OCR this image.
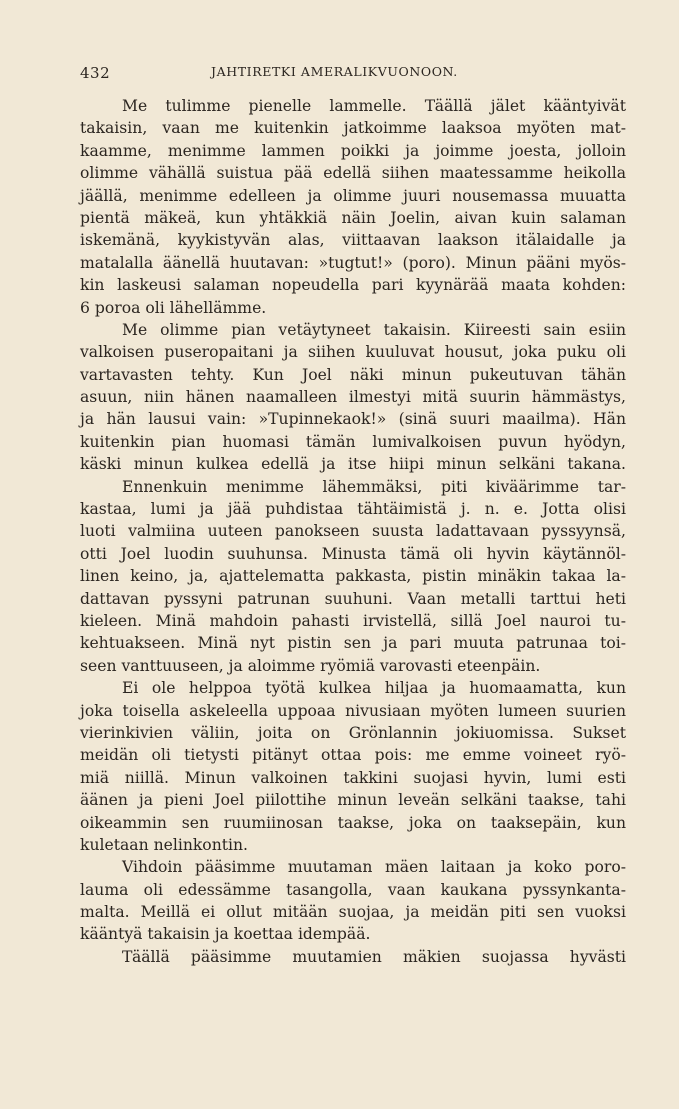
432	JAHTIRETKI AMERALIKVUONOON.
Me tulimme pienelle lammelle. Täällä jälet kääntyivät
takaisin, vaan me kuitenkin jatkoimme laaksoa myöten mat-
kaamme, menimme lammen poikki ja joimme joesta, jolloin
olimme vähällä suistua pää edellä siihen maatessamme heikolla
jäällä, menimme edelleen ja olimme juuri nousemassa muuatta
pientä mäkeä, kun yhtäkkiä näin Joelin, aivan kuin salaman
iskemänä, kyykistyvän alas, viittaavan laakson itälaidalle ja
matalalla äänellä huutavan: »tugtut!» (poro). Minun pääni myös-
kin laskeusi salaman nopeudella pari kyynärää maata kohden:
6 poroa oli lähellämme.
Me olimme pian vetäytyneet takaisin. Kiireesti sain esiin
valkoisen puseropaitani ja siihen kuuluvat housut, joka puku oli
vartavasten tehty. Kun Joel näki minun pukeutuvan tähän
asuun, niin hänen naamalleen ilmestyi mitä suurin hämmästys,
ja hän lausui vain: »Tupinnekaok!» (sinä suuri maailma). Hän
kuitenkin pian huomasi tämän lumivalkoisen puvun hyödyn,
käski minun kulkea edellä ja itse hiipi minun selkäni takana.
Ennenkuin menimme lähemmäksi, piti kiväärimme tar-
kastaa, lumi ja jää puhdistaa tähtäimistä j. n. e. Jotta olisi
luoti valmiina uuteen panokseen suusta ladattavaan pyssyynsä,
otti Joel luodin suuhunsa. Minusta tämä oli hyvin käytännöl-
linen keino, ja, ajattelematta pakkasta, pistin minäkin takaa la-
dattavan pyssyni patrunan suuhuni. Vaan metalli tarttui heti
kieleen. Minä mahdoin pahasti irvistellä, sillä Joel nauroi tu-
kehtuakseen. Minä nyt pistin sen ja pari muuta patrunaa toi-
seen vanttuuseen, ja aloimme ryömiä varovasti eteenpäin.
Ei ole helppoa työtä kulkea hiljaa ja huomaamatta, kun
joka toisella askeleella uppoaa nivusiaan myöten lumeen suurien
vierinkivien väliin, joita on Grönlannin jokiuomissa. Sukset
meidän oli tietysti pitänyt ottaa pois: me emme voineet ryö-
miä niillä. Minun valkoinen takkini suojasi hyvin, lumi esti
äänen ja pieni Joel piilottihe minun leveän selkäni taakse, tahi
oikeammin sen ruumiinosan taakse, joka on taaksepäin, kun
kuletaan nelinkontin.
Vihdoin pääsimme muutaman mäen laitaan ja koko poro-
lauma oli edessämme tasangolla, vaan kaukana pyssynkanta-
malta. Meillä ei ollut mitään suojaa, ja meidän piti sen vuoksi
kääntyä takaisin ja koettaa idempää.
Täällä pääsimme muutamien mäkien suojassa hyvästi
